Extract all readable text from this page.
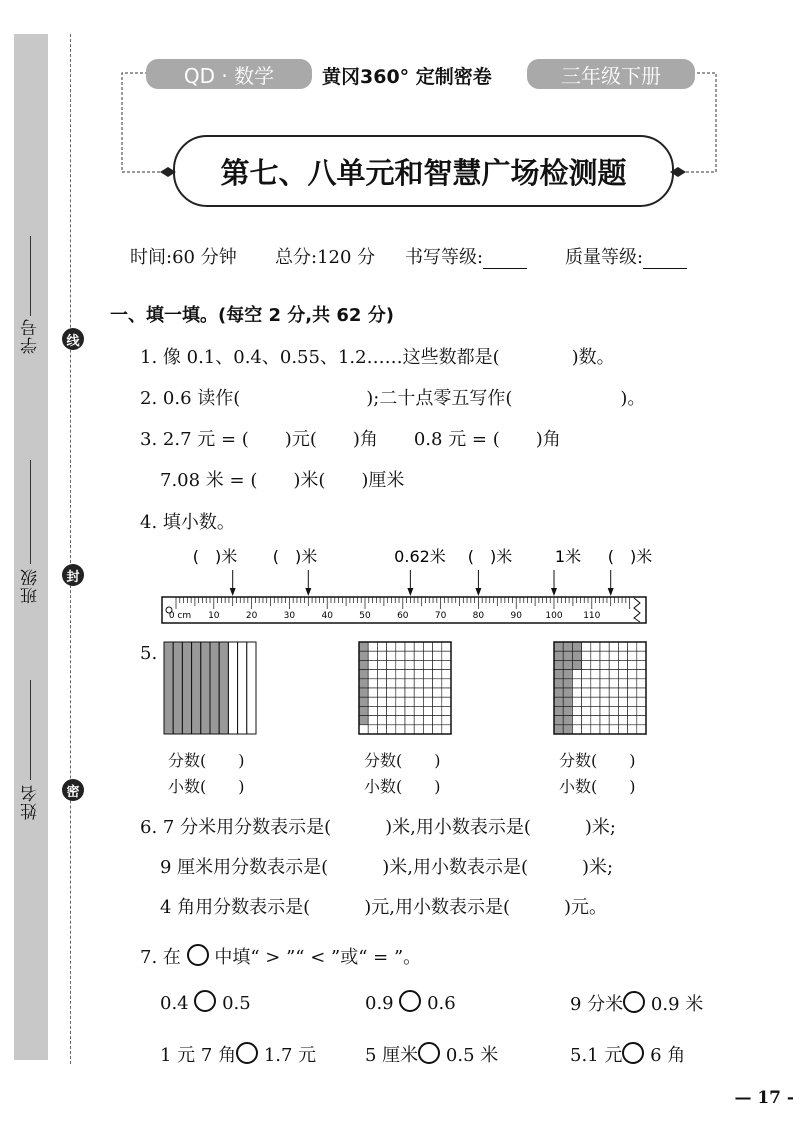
学号
班级
姓名
线
封
密
QD · 数学	黄冈360° 定制密卷	三年级下册
第七、八单元和智慧广场检测题
时间:60 分钟 总分:120 分 书写等级:	质量等级:
一、填一填。(每空 2 分,共 62 分)
1. 像 0.1、0.4、0.55、1.2……这些数都是(　　　　)数。
2. 0.6 读作(　　　　　　　);二十点零五写作(　　　　　　)。
3. 2.7 元 = (　　)元(　　)角　　0.8 元 = (　　)角
7.08 米 = (　　)米(　　)厘米
4. 填小数。
0 cm 10	20	30	40	50	60	70	80	90	100 110
(　)米 (　)米	0.62米 (　)米	1米 (　)米
5.
分数(　　)
小数(　　)
分数(　　)
小数(　　)
分数(　　)
小数(　　)
6. 7 分米用分数表示是(　　　)米,用小数表示是(　　　)米;
9 厘米用分数表示是(　　　)米,用小数表示是(　　　)米;
4 角用分数表示是(　　　)元,用小数表示是(　　　)元。
7. 在 中填“ > ”“ < ”或“ = ”。
0.4 0.5	0.9 0.6	9 分米 0.9 米
1 元 7 角 1.7 元	5 厘米 0.5 米	5.1 元 6 角
— 17 -
